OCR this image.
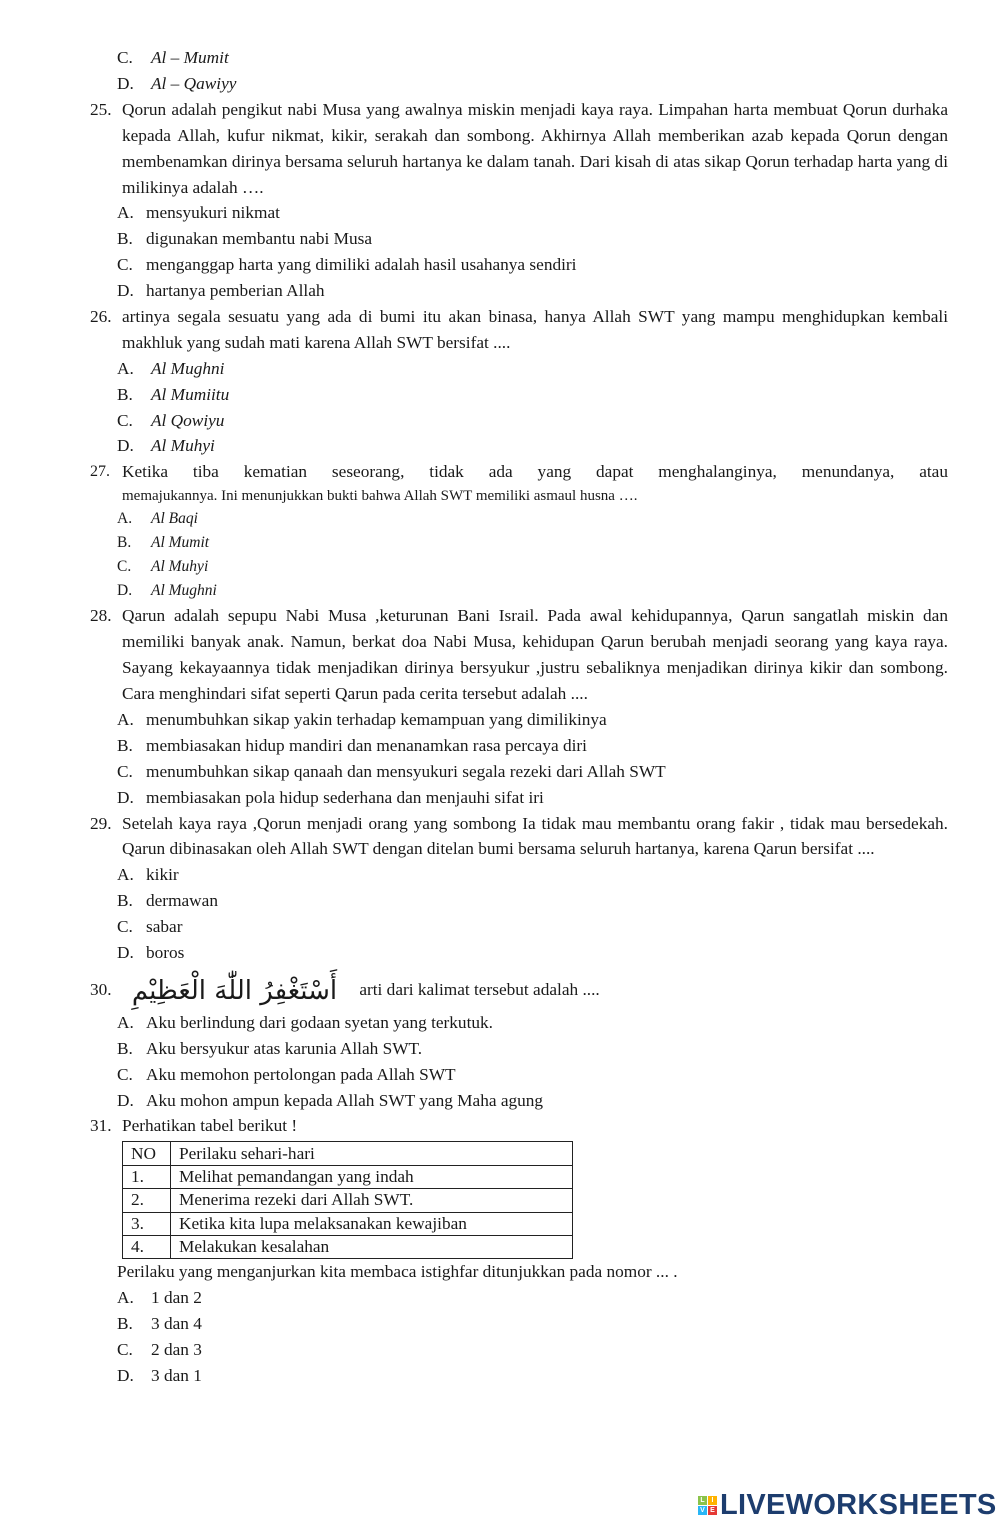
C. Al – Mumit
D. Al – Qawiyy
25. Qorun adalah pengikut nabi Musa yang awalnya miskin menjadi kaya raya. Limpahan harta membuat Qorun durhaka kepada Allah, kufur nikmat, kikir, serakah dan sombong. Akhirnya Allah memberikan azab kepada Qorun dengan membenamkan dirinya bersama seluruh hartanya ke dalam tanah. Dari kisah di atas sikap Qorun terhadap harta yang di milikinya adalah ….
A. mensyukuri nikmat
B. digunakan membantu nabi Musa
C. menganggap harta yang dimiliki adalah hasil usahanya sendiri
D. hartanya pemberian Allah
26. artinya segala sesuatu yang ada di bumi itu akan binasa, hanya Allah SWT yang mampu menghidupkan kembali makhluk yang sudah mati karena Allah SWT bersifat ....
A. Al Mughni
B. Al Mumiitu
C. Al Qowiyu
D. Al Muhyi
27. Ketika tiba kematian seseorang, tidak ada yang dapat menghalanginya, menundanya, atau
memajukannya. Ini menunjukkan bukti bahwa Allah SWT memiliki asmaul husna ….
A. Al Baqi
B. Al Mumit
C. Al Muhyi
D. Al Mughni
28. Qarun adalah sepupu Nabi Musa ,keturunan Bani Israil. Pada awal kehidupannya, Qarun sangatlah miskin dan memiliki banyak anak. Namun, berkat doa Nabi Musa, kehidupan Qarun berubah menjadi seorang yang kaya raya. Sayang kekayaannya tidak menjadikan dirinya bersyukur ,justru sebaliknya menjadikan dirinya kikir dan sombong. Cara menghindari sifat seperti Qarun pada cerita tersebut adalah ....
A. menumbuhkan sikap yakin terhadap kemampuan yang dimilikinya
B. membiasakan hidup mandiri dan menanamkan rasa percaya diri
C. menumbuhkan sikap qanaah dan mensyukuri segala rezeki dari Allah SWT
D. membiasakan pola hidup sederhana dan menjauhi sifat iri
29. Setelah kaya raya ,Qorun menjadi orang yang sombong Ia tidak mau membantu orang fakir , tidak mau bersedekah. Qarun dibinasakan oleh Allah SWT dengan ditelan bumi bersama seluruh hartanya, karena Qarun bersifat ....
A. kikir
B. dermawan
C. sabar
D. boros
30. أَسْتَغْفِرُ اللّٰهَ الْعَظِيْمِ arti dari kalimat tersebut adalah ....
A. Aku berlindung dari godaan syetan yang terkutuk.
B. Aku bersyukur atas karunia Allah SWT.
C. Aku memohon pertolongan pada Allah SWT
D. Aku mohon ampun kepada Allah SWT yang Maha agung
31. Perhatikan tabel berikut !
NO	Perilaku sehari-hari
1.	Melihat pemandangan yang indah
2.	Menerima rezeki dari Allah SWT.
3.	Ketika kita lupa melaksanakan kewajiban
4.	Melakukan kesalahan
Perilaku yang menganjurkan kita membaca istighfar ditunjukkan pada nomor ... .
A. 1 dan 2
B. 3 dan 4
C. 2 dan 3
D. 3 dan 1
L I
V E LIVEWORKSHEETS
